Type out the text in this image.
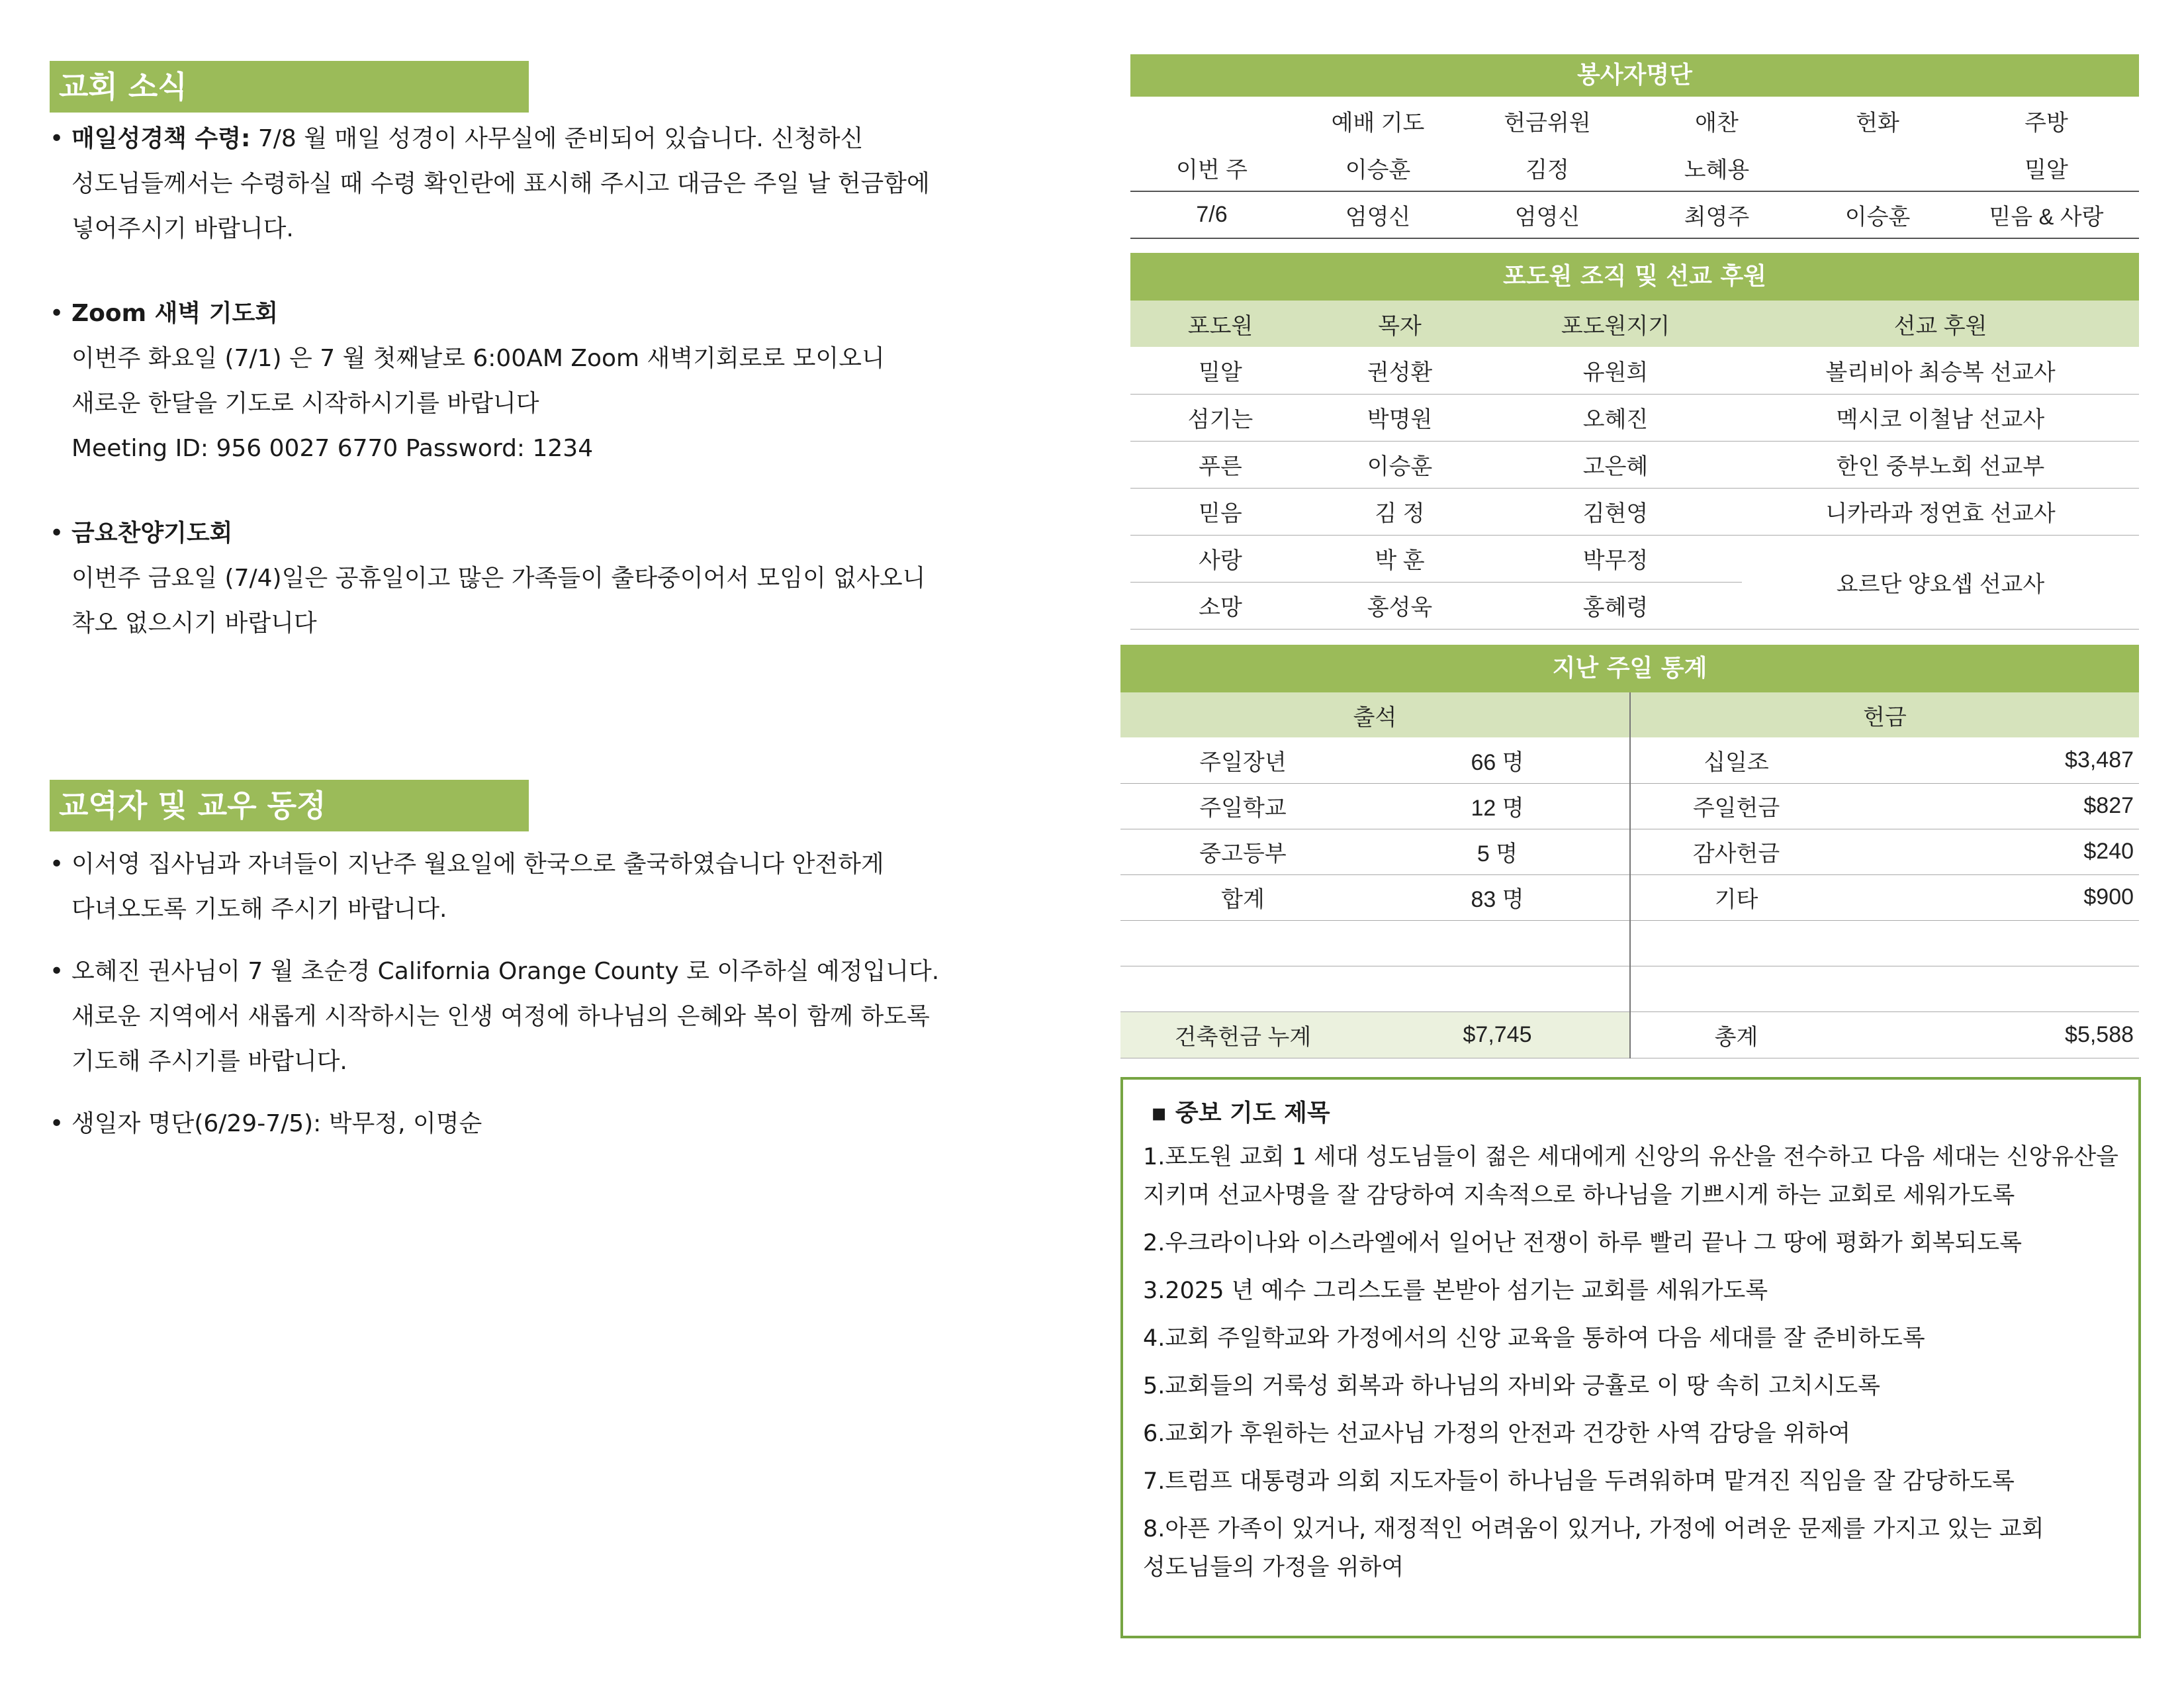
교회 소식
• 매일성경책 수령: 7/8 월 매일 성경이 사무실에 준비되어 있습니다. 신청하신
성도님들께서는 수령하실 때 수령 확인란에 표시해 주시고 대금은 주일 날 헌금함에
넣어주시기 바랍니다.
• Zoom 새벽 기도회
이번주 화요일 (7/1) 은 7 월 첫째날로 6:00AM Zoom 새벽기회로로 모이오니
새로운 한달을 기도로 시작하시기를 바랍니다
Meeting ID: 956 0027 6770 Password: 1234
• 금요찬양기도회
이번주 금요일 (7/4)일은 공휴일이고 많은 가족들이 출타중이어서 모임이 없사오니
착오 없으시기 바랍니다
교역자 및 교우 동정
• 이서영 집사님과 자녀들이 지난주 월요일에 한국으로 출국하였습니다 안전하게
다녀오도록 기도해 주시기 바랍니다.
• 오혜진 권사님이 7 월 초순경 California Orange County 로 이주하실 예정입니다.
새로운 지역에서 새롭게 시작하시는 인생 여정에 하나님의 은혜와 복이 함께 하도록
기도해 주시기를 바랍니다.
• 생일자 명단(6/29-7/5): 박무정, 이명순
봉사자명단
	예배 기도	헌금위원	애찬	헌화	주방
이번 주	이승훈	김정	노혜용		밀알
7/6	엄영신	엄영신	최영주	이승훈	믿음 & 사랑
포도원 조직 및 선교 후원
포도원	목자	포도원지기	선교 후원
밀알	권성환	유원희	볼리비아 최승복 선교사
섬기는	박명원	오혜진	멕시코 이철남 선교사
푸른	이승훈	고은혜	한인 중부노회 선교부
믿음	김 정	김현영	니카라과 정연효 선교사
사랑	박 훈	박무정	요르단 양요셉 선교사
소망	홍성욱	홍혜령	
지난 주일 통계
출석		헌금	
주일장년	66 명	십일조	$3,487
주일학교	12 명	주일헌금	$827
중고등부	5 명	감사헌금	$240
합계	83 명	기타	$900

건축헌금 누계	$7,745	총계	$5,588
▪ 중보 기도 제목
1.포도원 교회 1 세대 성도님들이 젊은 세대에게 신앙의 유산을 전수하고 다음 세대는 신앙유산을
지키며 선교사명을 잘 감당하여 지속적으로 하나님을 기쁘시게 하는 교회로 세워가도록
2.우크라이나와 이스라엘에서 일어난 전쟁이 하루 빨리 끝나 그 땅에 평화가 회복되도록
3.2025 년 예수 그리스도를 본받아 섬기는 교회를 세워가도록
4.교회 주일학교와 가정에서의 신앙 교육을 통하여 다음 세대를 잘 준비하도록
5.교회들의 거룩성 회복과 하나님의 자비와 긍휼로 이 땅 속히 고치시도록
6.교회가 후원하는 선교사님 가정의 안전과 건강한 사역 감당을 위하여
7.트럼프 대통령과 의회 지도자들이 하나님을 두려워하며 맡겨진 직임을 잘 감당하도록
8.아픈 가족이 있거나, 재정적인 어려움이 있거나, 가정에 어려운 문제를 가지고 있는 교회
성도님들의 가정을 위하여
